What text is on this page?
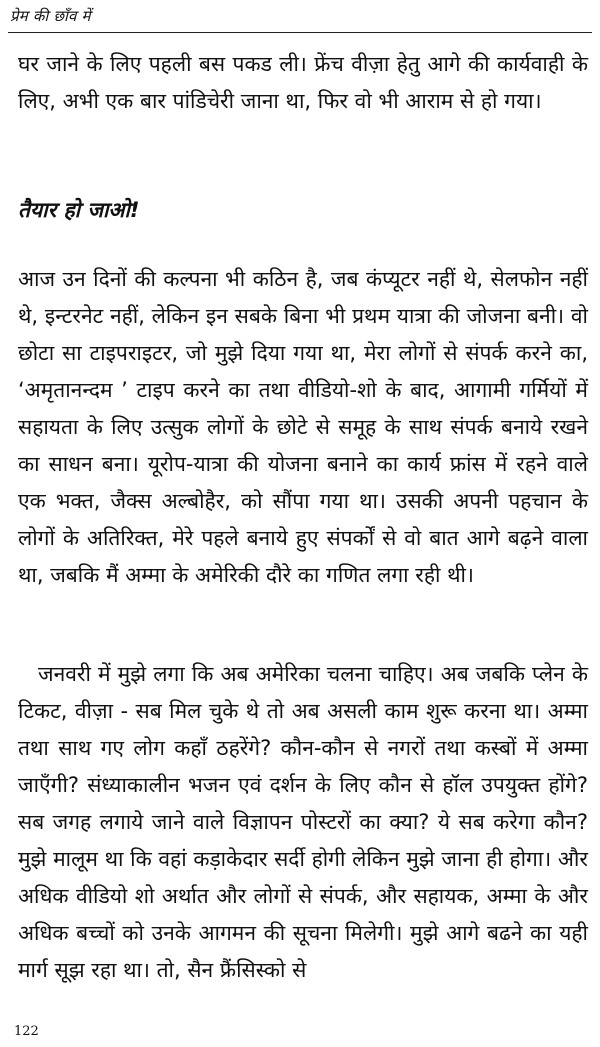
प्रेम की छाँव में

घर जाने के लिए पहली बस पकड ली। फ्रेंच वीज़ा हेतु आगे की कार्यवाही के लिए, अभी एक बार पांडिचेरी जाना था, फिर वो भी आराम से हो गया।

तैयार हो जाओ!

आज उन दिनों की कल्पना भी कठिन है, जब कंप्यूटर नहीं थे, सेलफोन नहीं थे, इन्टरनेट नहीं, लेकिन इन सबके बिना भी प्रथम यात्रा की जोजना बनी। वो छोटा सा टाइपराइटर, जो मुझे दिया गया था, मेरा लोगों से संपर्क करने का, ‘अमृतानन्दम ’ टाइप करने का तथा वीडियो-शो के बाद, आगामी गर्मियों में सहायता के लिए उत्सुक लोगों के छोटे से समूह के साथ संपर्क बनाये रखने का साधन बना। यूरोप-यात्रा की योजना बनाने का कार्य फ्रांस में रहने वाले एक भक्त, जैक्स अल्बोहैर, को सौंपा गया था। उसकी अपनी पहचान के लोगों के अतिरिक्त, मेरे पहले बनाये हुए संपर्कों से वो बात आगे बढ़ने वाला था, जबकि मैं अम्मा के अमेरिकी दौरे का गणित लगा रही थी।

जनवरी में मुझे लगा कि अब अमेरिका चलना चाहिए। अब जबकि प्लेन के टिकट, वीज़ा - सब मिल चुके थे तो अब असली काम शुरू करना था। अम्मा तथा साथ गए लोग कहाँ ठहरेंगे? कौन-कौन से नगरों तथा कस्बों में अम्मा जाएँगी? संध्याकालीन भजन एवं दर्शन के लिए कौन से हॉल उपयुक्त होंगे? सब जगह लगाये जाने वाले विज्ञापन पोस्टरों का क्या? ये सब करेगा कौन? मुझे मालूम था कि वहां कड़ाकेदार सर्दी होगी लेकिन मुझे जाना ही होगा। और अधिक वीडियो शो अर्थात और लोगों से संपर्क, और सहायक, अम्मा के और अधिक बच्चों को उनके आगमन की सूचना मिलेगी। मुझे आगे बढने का यही मार्ग सूझ रहा था। तो, सैन फ्रैंसिस्को से

122
